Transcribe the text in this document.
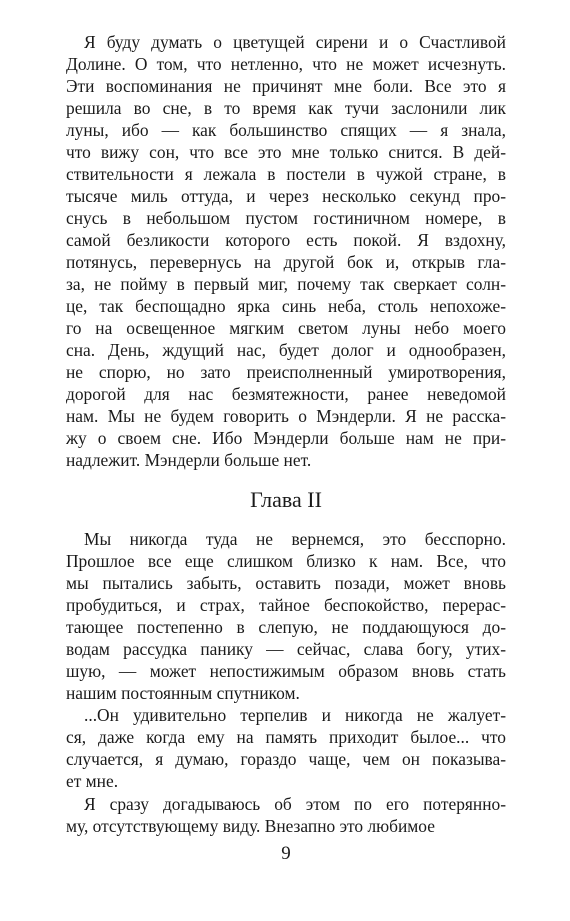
Глава II
9
Я буду думать о цветущей сирени и о Счастливой
Долине. О том, что нетленно, что не может исчезнуть.
Эти воспоминания не причинят мне боли. Все это я
решила во сне, в то время как тучи заслонили лик
луны, ибо — как большинство спящих — я знала,
что вижу сон, что все это мне только снится. В дей-
ствительности я лежала в постели в чужой стране, в
тысяче миль оттуда, и через несколько секунд про-
снусь в небольшом пустом гостиничном номере, в
самой безликости которого есть покой. Я вздохну,
потянусь, перевернусь на другой бок и, открыв гла-
за, не пойму в первый миг, почему так сверкает солн-
це, так беспощадно ярка синь неба, столь непохоже-
го на освещенное мягким светом луны небо моего
сна. День, ждущий нас, будет долог и однообразен,
не спорю, но зато преисполненный умиротворения,
дорогой для нас безмятежности, ранее неведомой
нам. Мы не будем говорить о Мэндерли. Я не расска-
жу о своем сне. Ибо Мэндерли больше нам не при-
надлежит. Мэндерли больше нет.
Мы никогда туда не вернемся, это бесспорно.
Прошлое все еще слишком близко к нам. Все, что
мы пытались забыть, оставить позади, может вновь
пробудиться, и страх, тайное беспокойство, перерас-
тающее постепенно в слепую, не поддающуюся до-
водам рассудка панику — сейчас, слава богу, утих-
шую, — может непостижимым образом вновь стать
нашим постоянным спутником.
...Он удивительно терпелив и никогда не жалует-
ся, даже когда ему на память приходит былое... что
случается, я думаю, гораздо чаще, чем он показыва-
ет мне.
Я сразу догадываюсь об этом по его потерянно-
му, отсутствующему виду. Внезапно это любимое
